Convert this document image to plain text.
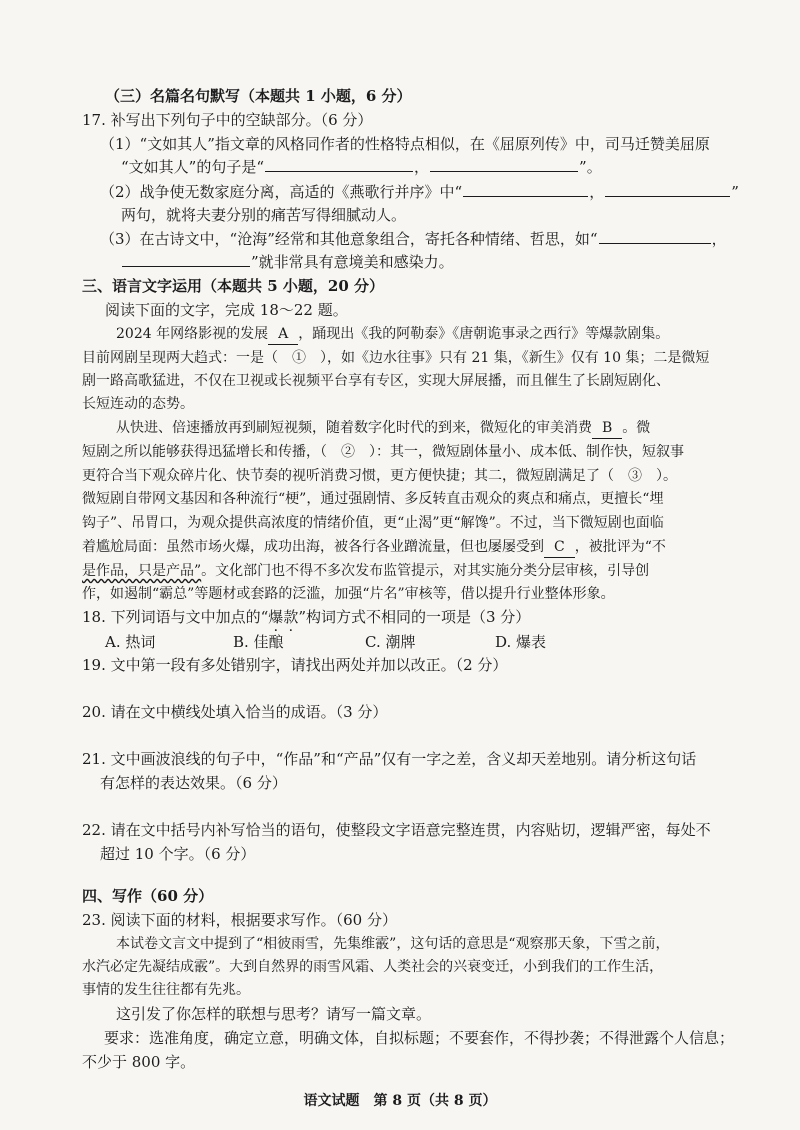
（三）名篇名句默写（本题共 1 小题，6 分）
17. 补写出下列句子中的空缺部分。（6 分）
（1）“文如其人”指文章的风格同作者的性格特点相似，在《屈原列传》中，司马迁赞美屈原
“文如其人”的句子是“	，	”。
（2）战争使无数家庭分离，高适的《燕歌行并序》中“	，	”
两句，就将夫妻分别的痛苦写得细腻动人。
（3）在古诗文中，“沧海”经常和其他意象组合，寄托各种情绪、哲思，如“	，
”就非常具有意境美和感染力。
三、语言文字运用（本题共 5 小题，20 分）
阅读下面的文字，完成 18～22 题。
2024 年网络影视的发展 A ，踊现出《我的阿勒泰》《唐朝诡事录之西行》等爆款剧集。
目前网剧呈现两大趋式：一是（　①　），如《边水往事》只有 21 集，《新生》仅有 10 集；二是微短
剧一路高歌猛进，不仅在卫视或长视频平台享有专区，实现大屏展播，而且催生了长剧短剧化、
长短连动的态势。
从快进、倍速播放再到刷短视频，随着数字化时代的到来，微短化的审美消费 B 。微
短剧之所以能够获得迅猛增长和传播，（　②　）：其一，微短剧体量小、成本低、制作快，短叙事
更符合当下观众碎片化、快节奏的视听消费习惯，更方便快捷；其二，微短剧满足了（　③　）。
微短剧自带网文基因和各种流行“梗”，通过强剧情、多反转直击观众的爽点和痛点，更擅长“埋
钩子”、吊胃口，为观众提供高浓度的情绪价值，更“止渴”更“解馋”。不过，当下微短剧也面临
着尴尬局面：虽然市场火爆，成功出海，被各行各业蹭流量，但也屡屡受到 C ，被批评为“不
是作品，只是产品”。文化部门也不得不多次发布监管提示，对其实施分类分层审核，引导创
作，如遏制“霸总”等题材或套路的泛滥，加强“片名”审核等，借以提升行业整体形象。
18. 下列词语与文中加点的“爆款”构词方式不相同的一项是（3 分）
A. 热词	B. 佳酿	C. 潮牌	D. 爆表
19. 文中第一段有多处错别字，请找出两处并加以改正。（2 分）
20. 请在文中横线处填入恰当的成语。（3 分）
21. 文中画波浪线的句子中，“作品”和“产品”仅有一字之差，含义却天差地别。请分析这句话
有怎样的表达效果。（6 分）
22. 请在文中括号内补写恰当的语句，使整段文字语意完整连贯，内容贴切，逻辑严密，每处不
超过 10 个字。（6 分）
四、写作（60 分）
23. 阅读下面的材料，根据要求写作。（60 分）
本试卷文言文中提到了“相彼雨雪，先集维霰”，这句话的意思是“观察那天象，下雪之前，
水汽必定先凝结成霰”。大到自然界的雨雪风霜、人类社会的兴衰变迁，小到我们的工作生活，
事情的发生往往都有先兆。
这引发了你怎样的联想与思考？请写一篇文章。
要求：选准角度，确定立意，明确文体，自拟标题；不要套作，不得抄袭；不得泄露个人信息；
不少于 800 字。
语文试题　第 8 页（共 8 页）
